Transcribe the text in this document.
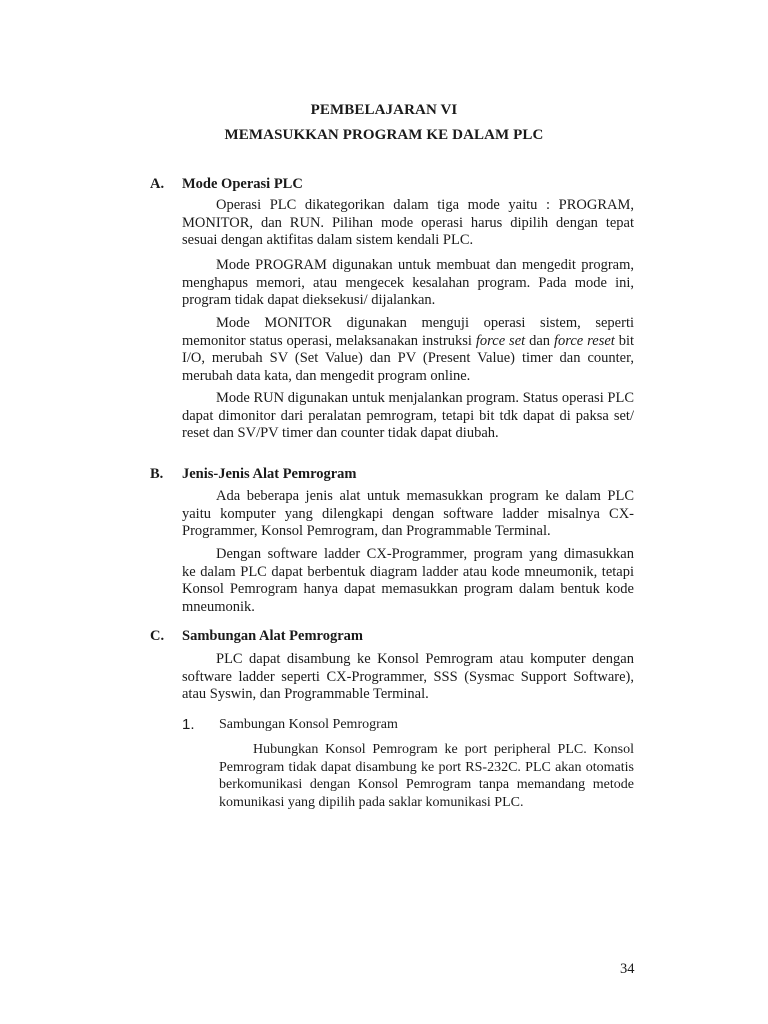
PEMBELAJARAN VI
MEMASUKKAN PROGRAM KE DALAM PLC
A. Mode Operasi PLC

Operasi PLC dikategorikan dalam tiga mode yaitu : PROGRAM, MONITOR, dan RUN. Pilihan mode operasi harus dipilih dengan tepat sesuai dengan aktifitas dalam sistem kendali PLC.

Mode PROGRAM digunakan untuk membuat dan mengedit program, menghapus memori, atau mengecek kesalahan program. Pada mode ini, program tidak dapat dieksekusi/ dijalankan.

Mode MONITOR digunakan menguji operasi sistem, seperti memonitor status operasi, melaksanakan instruksi force set dan force reset bit I/O, merubah SV (Set Value) dan PV (Present Value) timer dan counter, merubah data kata, dan mengedit program online.

Mode RUN digunakan untuk menjalankan program. Status operasi PLC dapat dimonitor dari peralatan pemrogram, tetapi bit tdk dapat di paksa set/ reset dan SV/PV timer dan counter tidak dapat diubah.

B. Jenis-Jenis Alat Pemrogram

Ada beberapa jenis alat untuk memasukkan program ke dalam PLC yaitu komputer yang dilengkapi dengan software ladder misalnya CX-Programmer, Konsol Pemrogram, dan Programmable Terminal.

Dengan software ladder CX-Programmer, program yang dimasukkan ke dalam PLC dapat berbentuk diagram ladder atau kode mneumonik, tetapi Konsol Pemrogram hanya dapat memasukkan program dalam bentuk kode mneumonik.

C. Sambungan Alat Pemrogram

PLC dapat disambung ke Konsol Pemrogram atau komputer dengan software ladder seperti CX-Programmer, SSS (Sysmac Support Software), atau Syswin, dan Programmable Terminal.

1. Sambungan Konsol Pemrogram

Hubungkan Konsol Pemrogram ke port peripheral PLC. Konsol Pemrogram tidak dapat disambung ke port RS-232C. PLC akan otomatis berkomunikasi dengan Konsol Pemrogram tanpa memandang metode komunikasi yang dipilih pada saklar komunikasi PLC.

34
